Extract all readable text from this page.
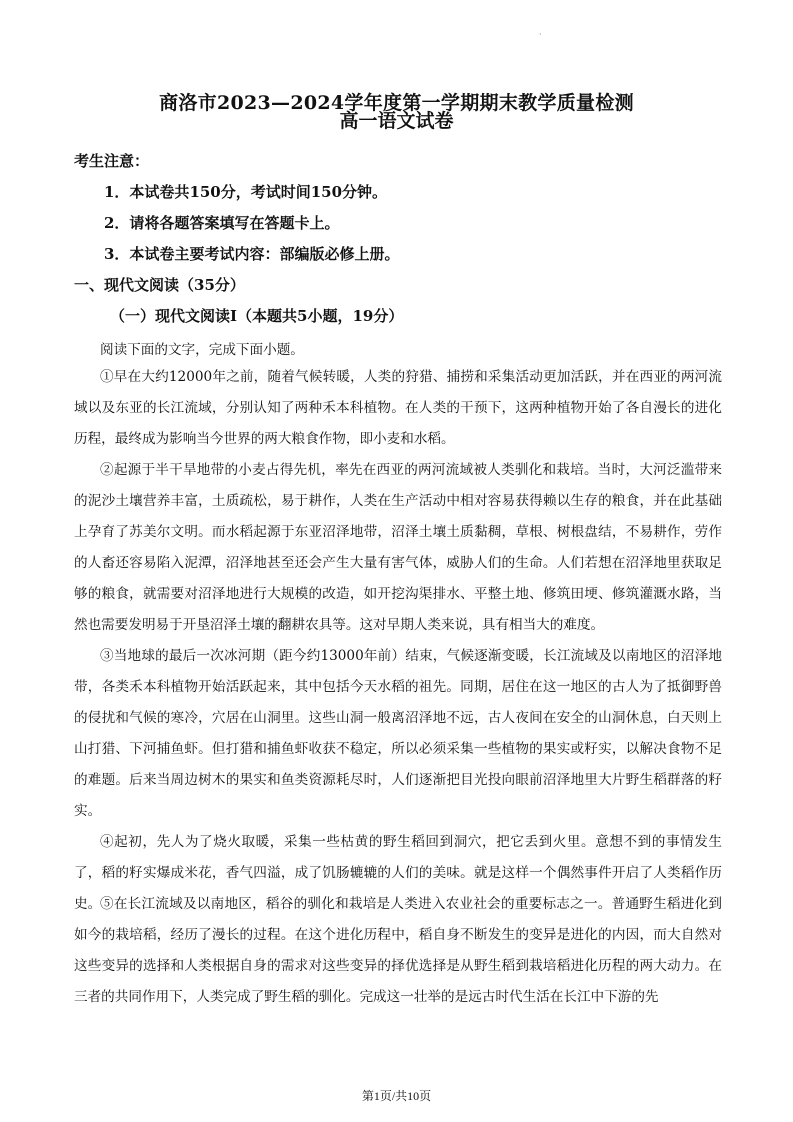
·
商洛市2023—2024学年度第一学期期末教学质量检测
高一语文试卷
考生注意：
1．本试卷共150分，考试时间150分钟。
2．请将各题答案填写在答题卡上。
3．本试卷主要考试内容：部编版必修上册。
一、现代文阅读（35分）
（一）现代文阅读Ⅰ（本题共5小题，19分）
阅读下面的文字，完成下面小题。

①早在大约12000年之前，随着气候转暖，人类的狩猎、捕捞和采集活动更加活跃，并在西亚的两河流域以及东亚的长江流域，分别认知了两种禾本科植物。在人类的干预下，这两种植物开始了各自漫长的进化历程，最终成为影响当今世界的两大粮食作物，即小麦和水稻。

②起源于半干旱地带的小麦占得先机，率先在西亚的两河流域被人类驯化和栽培。当时，大河泛滥带来的泥沙土壤营养丰富，土质疏松，易于耕作，人类在生产活动中相对容易获得赖以生存的粮食，并在此基础上孕育了苏美尔文明。而水稻起源于东亚沼泽地带，沼泽土壤土质黏稠，草根、树根盘结，不易耕作，劳作的人畜还容易陷入泥潭，沼泽地甚至还会产生大量有害气体，威胁人们的生命。人们若想在沼泽地里获取足够的粮食，就需要对沼泽地进行大规模的改造，如开挖沟渠排水、平整土地、修筑田埂、修筑灌溉水路，当然也需要发明易于开垦沼泽土壤的翻耕农具等。这对早期人类来说，具有相当大的难度。

③当地球的最后一次冰河期（距今约13000年前）结束，气候逐渐变暖，长江流域及以南地区的沼泽地带，各类禾本科植物开始活跃起来，其中包括今天水稻的祖先。同期，居住在这一地区的古人为了抵御野兽的侵扰和气候的寒冷，穴居在山洞里。这些山洞一般离沼泽地不远，古人夜间在安全的山洞休息，白天则上山打猎、下河捕鱼虾。但打猎和捕鱼虾收获不稳定，所以必须采集一些植物的果实或籽实，以解决食物不足的难题。后来当周边树木的果实和鱼类资源耗尽时，人们逐渐把目光投向眼前沼泽地里大片野生稻群落的籽实。

④起初，先人为了烧火取暖，采集一些枯黄的野生稻回到洞穴，把它丢到火里。意想不到的事情发生了，稻的籽实爆成米花，香气四溢，成了饥肠辘辘的人们的美味。就是这样一个偶然事件开启了人类稻作历史。

⑤在长江流域及以南地区，稻谷的驯化和栽培是人类进入农业社会的重要标志之一。普通野生稻进化到如今的栽培稻，经历了漫长的过程。在这个进化历程中，稻自身不断发生的变异是进化的内因，而大自然对这些变异的选择和人类根据自身的需求对这些变异的择优选择是从野生稻到栽培稻进化历程的两大动力。在三者的共同作用下，人类完成了野生稻的驯化。完成这一壮举的是远古时代生活在长江中下游的先

第1页/共10页
